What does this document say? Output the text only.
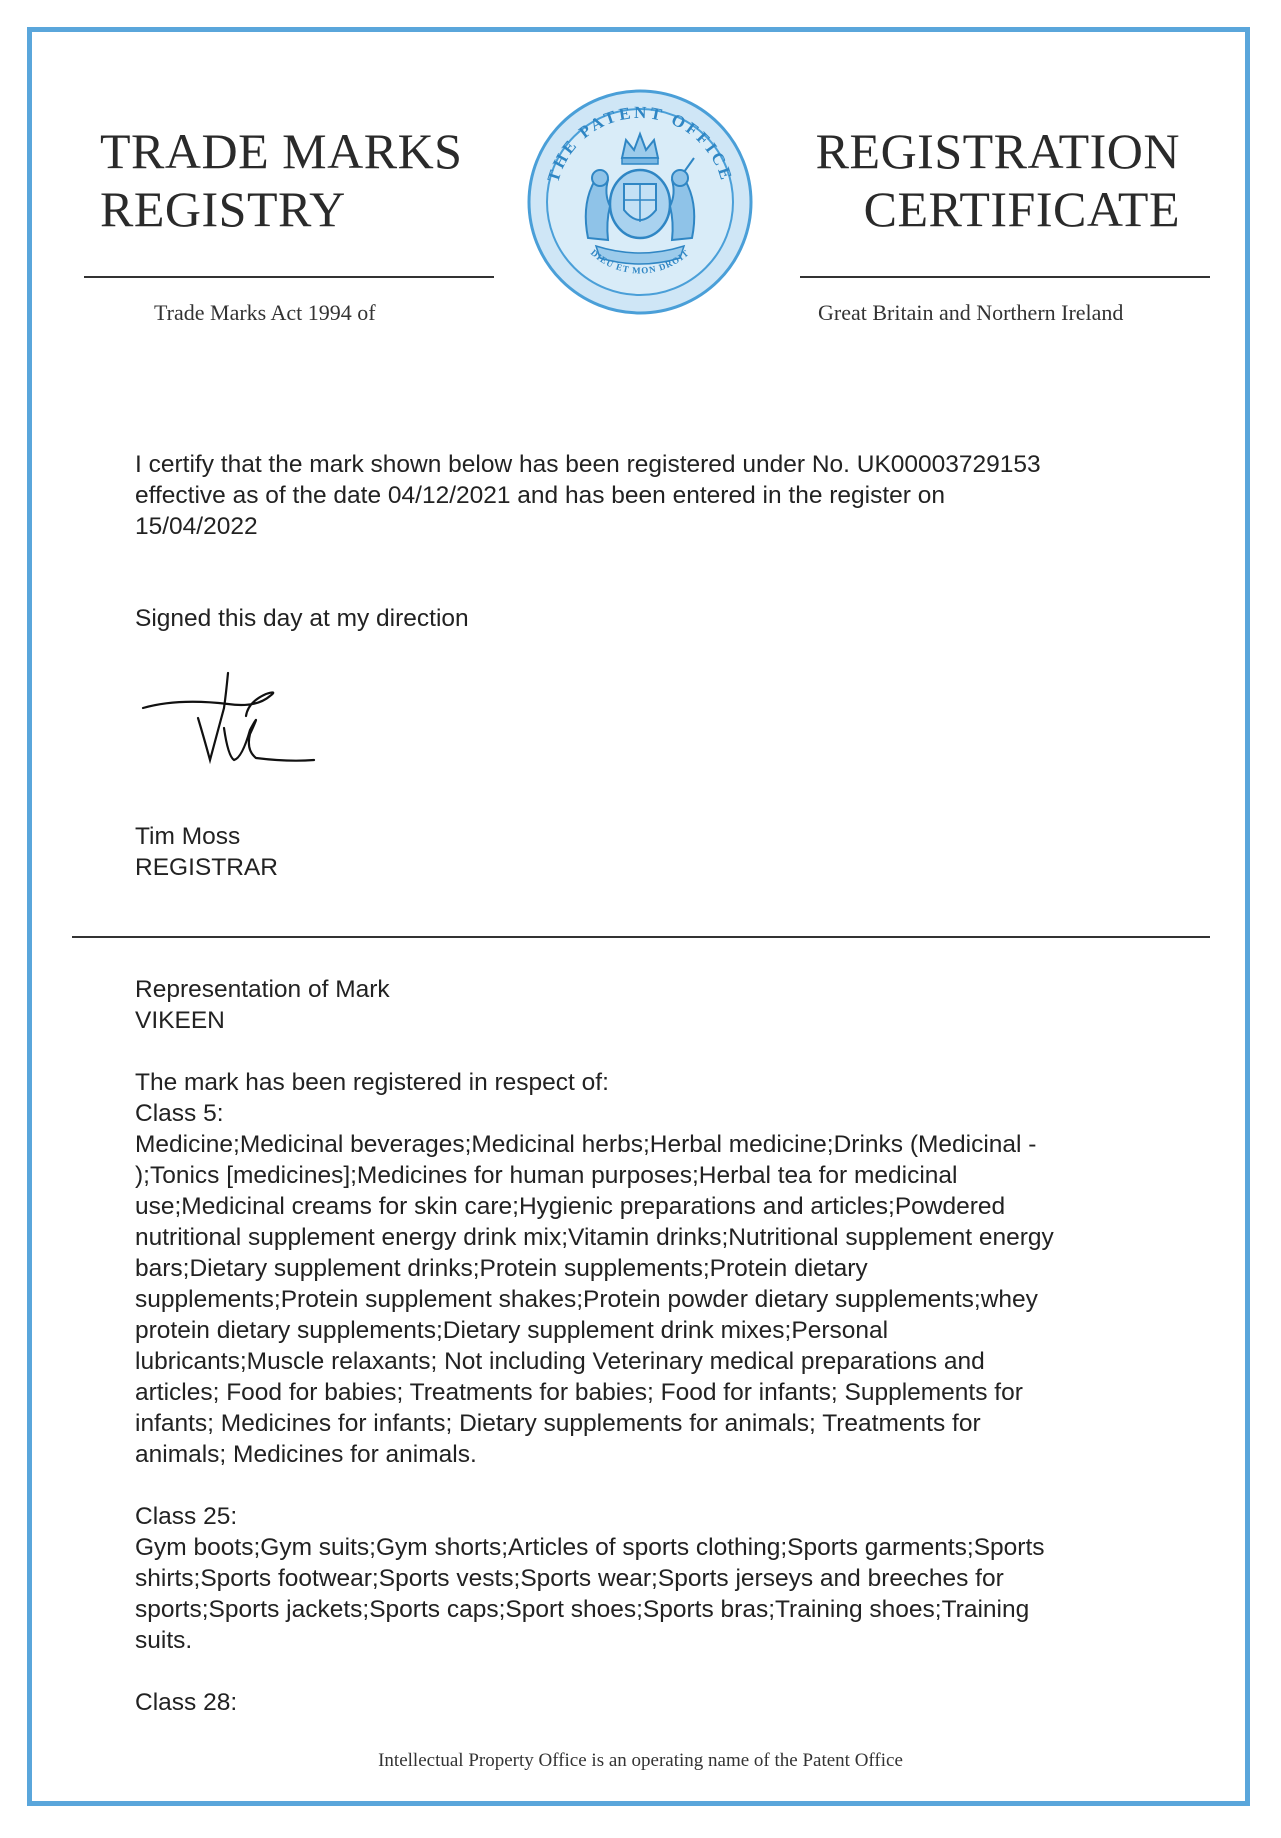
TRADE MARKS
REGISTRY
Trade Marks Act 1994 of
THE PATENT OFFICE
DIEU ET MON DROIT
REGISTRATION
CERTIFICATE
Great Britain and Northern Ireland

I certify that the mark shown below has been registered under No. UK00003729153

effective as of the date 04/12/2021 and has been entered in the register on

15/04/2022

Signed this day at my direction

Tim Moss

REGISTRAR

Representation of Mark

VIKEEN

The mark has been registered in respect of:

Class 5:

Medicine;Medicinal beverages;Medicinal herbs;Herbal medicine;Drinks (Medicinal -

);Tonics [medicines];Medicines for human purposes;Herbal tea for medicinal

use;Medicinal creams for skin care;Hygienic preparations and articles;Powdered

nutritional supplement energy drink mix;Vitamin drinks;Nutritional supplement energy

bars;Dietary supplement drinks;Protein supplements;Protein dietary

supplements;Protein supplement shakes;Protein powder dietary supplements;whey

protein dietary supplements;Dietary supplement drink mixes;Personal

lubricants;Muscle relaxants; Not including Veterinary medical preparations and

articles; Food for babies; Treatments for babies; Food for infants; Supplements for

infants; Medicines for infants; Dietary supplements for animals; Treatments for

animals; Medicines for animals.

Class 25:

Gym boots;Gym suits;Gym shorts;Articles of sports clothing;Sports garments;Sports

shirts;Sports footwear;Sports vests;Sports wear;Sports jerseys and breeches for

sports;Sports jackets;Sports caps;Sport shoes;Sports bras;Training shoes;Training

suits.

Class 28:

Intellectual Property Office is an operating name of the Patent Office
